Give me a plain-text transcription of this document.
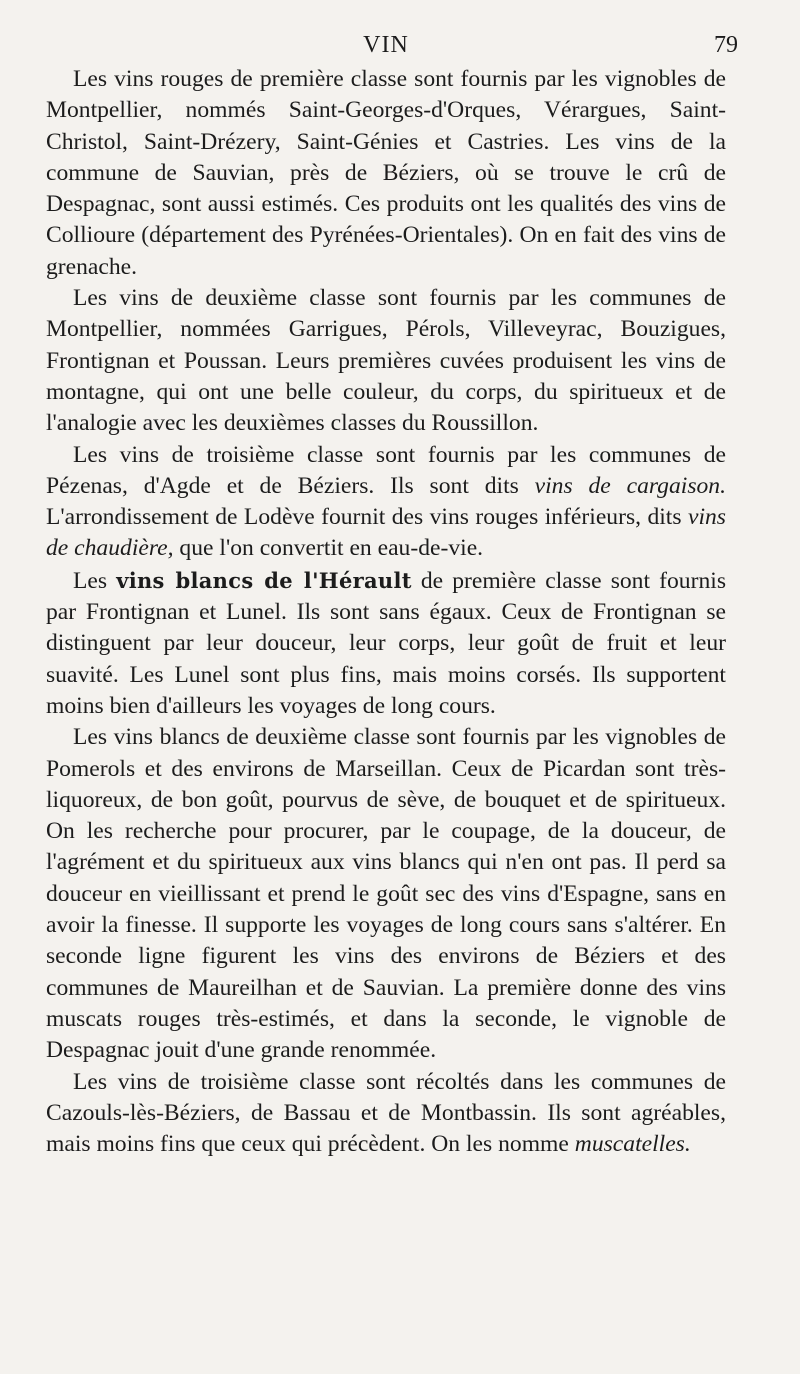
VIN	79

Les vins rouges de première classe sont fournis par les vignobles de Montpellier, nommés Saint-Georges-d'Orques, Vérargues, Saint-Christol, Saint-Drézery, Saint-Génies et Castries. Les vins de la commune de Sauvian, près de Béziers, où se trouve le crû de Despagnac, sont aussi estimés. Ces produits ont les qualités des vins de Collioure (département des Pyrénées-Orientales). On en fait des vins de grenache.

Les vins de deuxième classe sont fournis par les communes de Montpellier, nommées Garrigues, Pérols, Villeveyrac, Bouzigues, Frontignan et Poussan. Leurs premières cuvées produisent les vins de montagne, qui ont une belle couleur, du corps, du spiritueux et de l'analogie avec les deuxièmes classes du Roussillon.

Les vins de troisième classe sont fournis par les communes de Pézenas, d'Agde et de Béziers. Ils sont dits vins de cargaison. L'arrondissement de Lodève fournit des vins rouges inférieurs, dits vins de chaudière, que l'on convertit en eau-de-vie.

Les vins blancs de l'Hérault de première classe sont fournis par Frontignan et Lunel. Ils sont sans égaux. Ceux de Frontignan se distinguent par leur douceur, leur corps, leur goût de fruit et leur suavité. Les Lunel sont plus fins, mais moins corsés. Ils supportent moins bien d'ailleurs les voyages de long cours.

Les vins blancs de deuxième classe sont fournis par les vignobles de Pomerols et des environs de Marseillan. Ceux de Picardan sont très-liquoreux, de bon goût, pourvus de sève, de bouquet et de spiritueux. On les recherche pour procurer, par le coupage, de la douceur, de l'agrément et du spiritueux aux vins blancs qui n'en ont pas. Il perd sa douceur en vieillissant et prend le goût sec des vins d'Espagne, sans en avoir la finesse. Il supporte les voyages de long cours sans s'altérer. En seconde ligne figurent les vins des environs de Béziers et des communes de Maureilhan et de Sauvian. La première donne des vins muscats rouges très-estimés, et dans la seconde, le vignoble de Despagnac jouit d'une grande renommée.

Les vins de troisième classe sont récoltés dans les communes de Cazouls-lès-Béziers, de Bassau et de Montbassin. Ils sont agréables, mais moins fins que ceux qui précèdent. On les nomme muscatelles.
